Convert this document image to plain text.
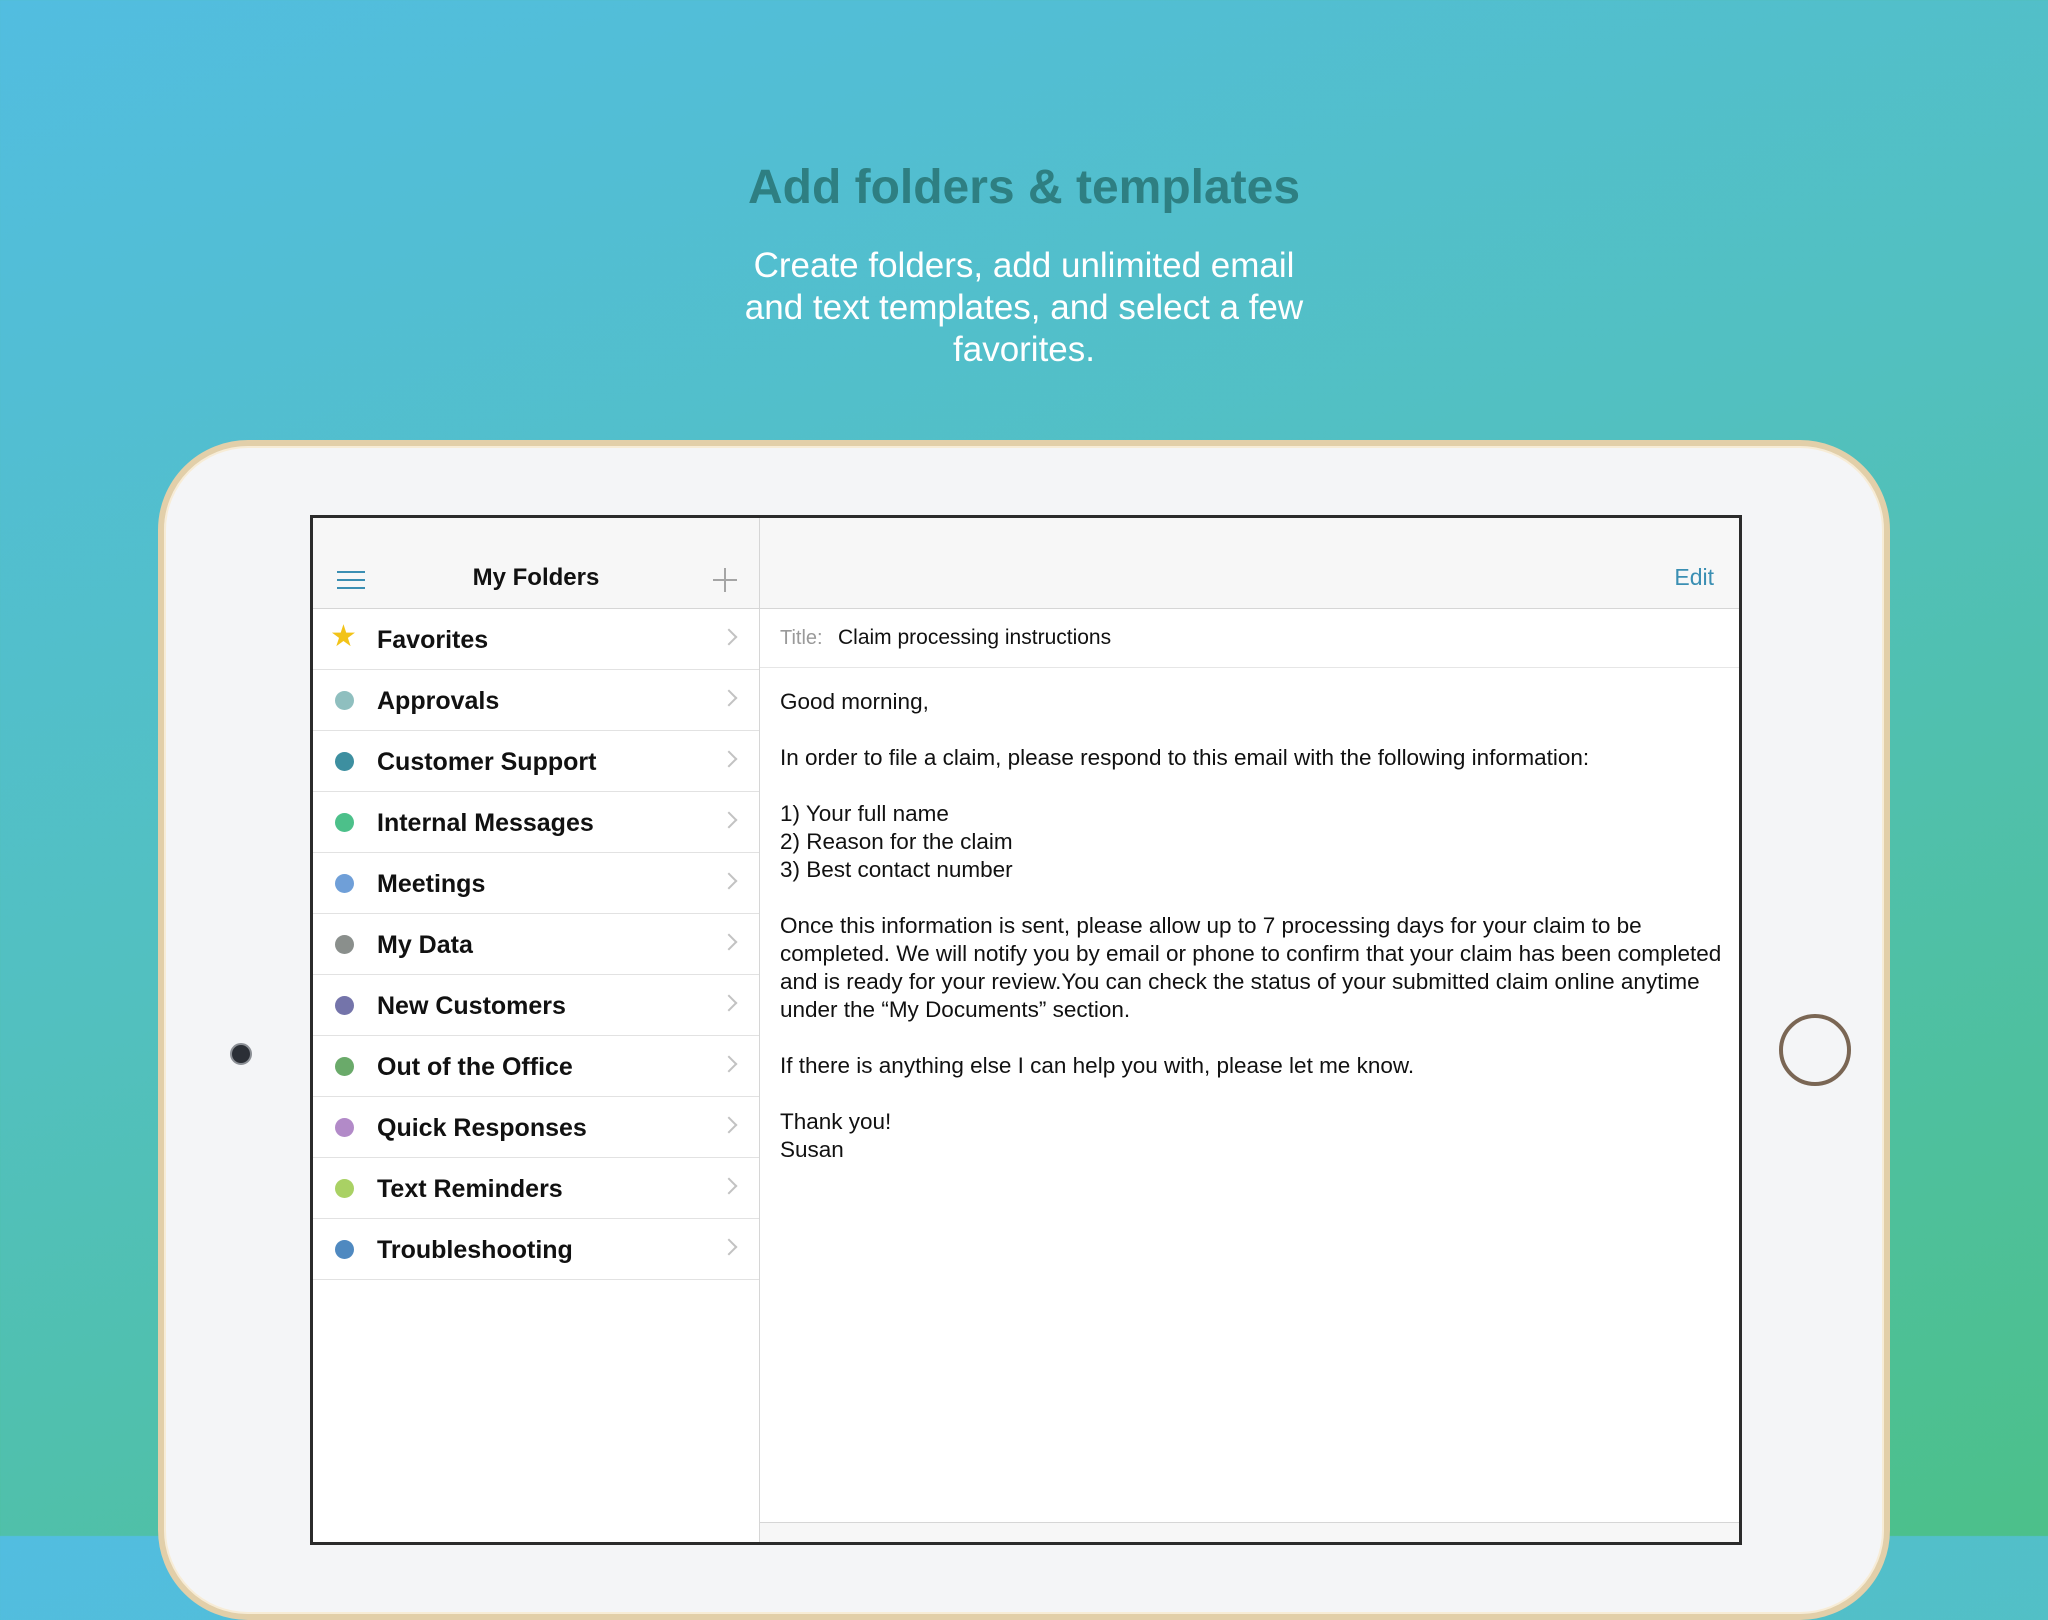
Add folders & templates
Create folders, add unlimited email and text templates, and select a few favorites.
My Folders
★ Favorites
Approvals
Customer Support
Internal Messages
Meetings
My Data
New Customers
Out of the Office
Quick Responses
Text Reminders
Troubleshooting
Edit
Title: Claim processing instructions

Good morning,

In order to file a claim, please respond to this email with the following information:

1) Your full name

2) Reason for the claim

3) Best contact number

Once this information is sent, please allow up to 7 processing days for your claim to be completed. We will notify you by email or phone to confirm that your claim has been completed and is ready for your review.You can check the status of your submitted claim online anytime under the “My Documents” section.

If there is anything else I can help you with, please let me know.

Thank you!

Susan
